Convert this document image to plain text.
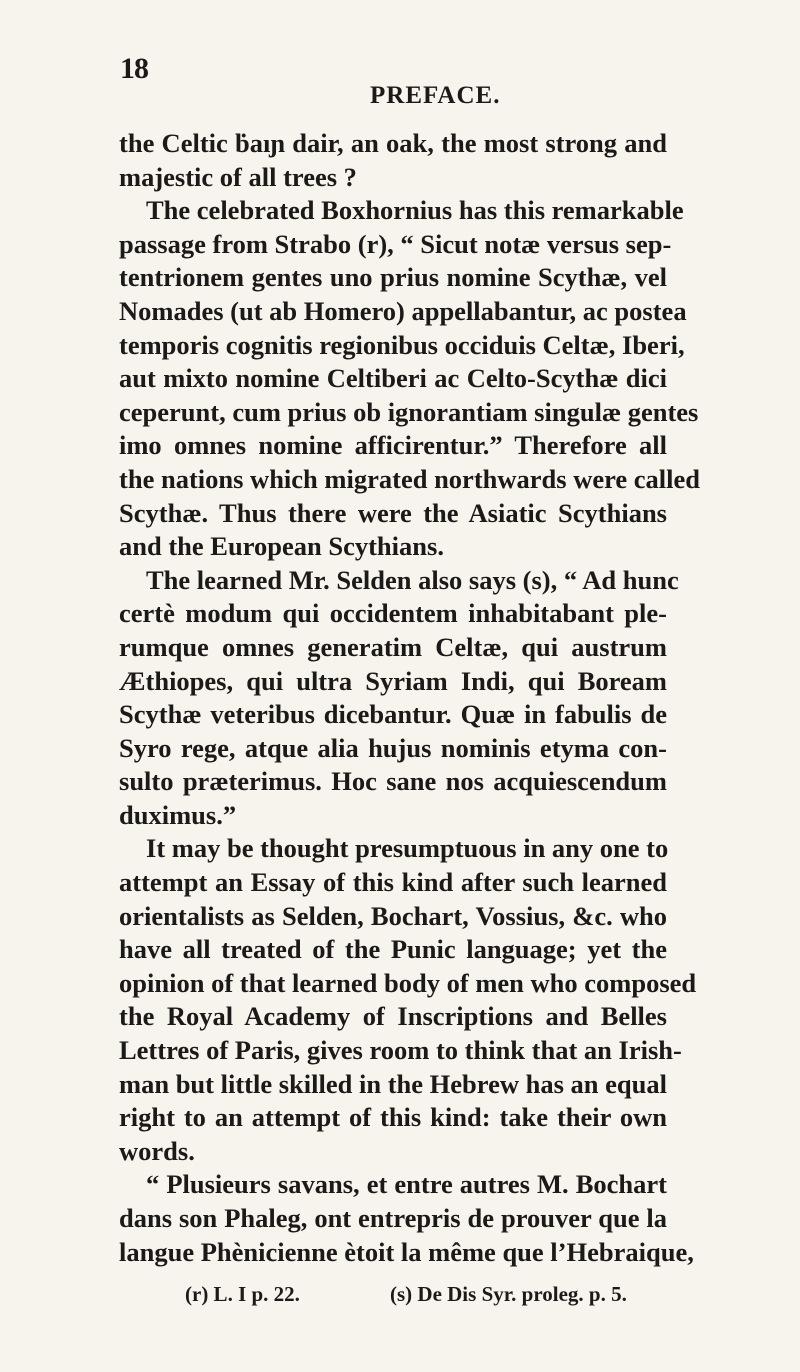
18
PREFACE.
the Celtic ḃaıɲ dair, an oak, the most strong and
majestic of all trees ?
The celebrated Boxhornius has this remarkable
passage from Strabo (r), “ Sicut notæ versus sep-
tentrionem gentes uno prius nomine Scythæ, vel
Nomades (ut ab Homero) appellabantur, ac postea
temporis cognitis regionibus occiduis Celtæ, Iberi,
aut mixto nomine Celtiberi ac Celto-Scythæ dici
ceperunt, cum prius ob ignorantiam singulæ gentes
imo omnes nomine afficirentur.” Therefore all
the nations which migrated northwards were called
Scythæ. Thus there were the Asiatic Scythians
and the European Scythians.
The learned Mr. Selden also says (s), “ Ad hunc
certè modum qui occidentem inhabitabant ple-
rumque omnes generatim Celtæ, qui austrum
Æthiopes, qui ultra Syriam Indi, qui Boream
Scythæ veteribus dicebantur. Quæ in fabulis de
Syro rege, atque alia hujus nominis etyma con-
sulto præterimus. Hoc sane nos acquiescendum
duximus.”
It may be thought presumptuous in any one to
attempt an Essay of this kind after such learned
orientalists as Selden, Bochart, Vossius, &c. who
have all treated of the Punic language; yet the
opinion of that learned body of men who composed
the Royal Academy of Inscriptions and Belles
Lettres of Paris, gives room to think that an Irish-
man but little skilled in the Hebrew has an equal
right to an attempt of this kind: take their own
words.
“ Plusieurs savans, et entre autres M. Bochart
dans son Phaleg, ont entrepris de prouver que la
langue Phènicienne ètoit la même que l’Hebraique,
(r) L. I p. 22.	(s) De Dis Syr. proleg. p. 5.
